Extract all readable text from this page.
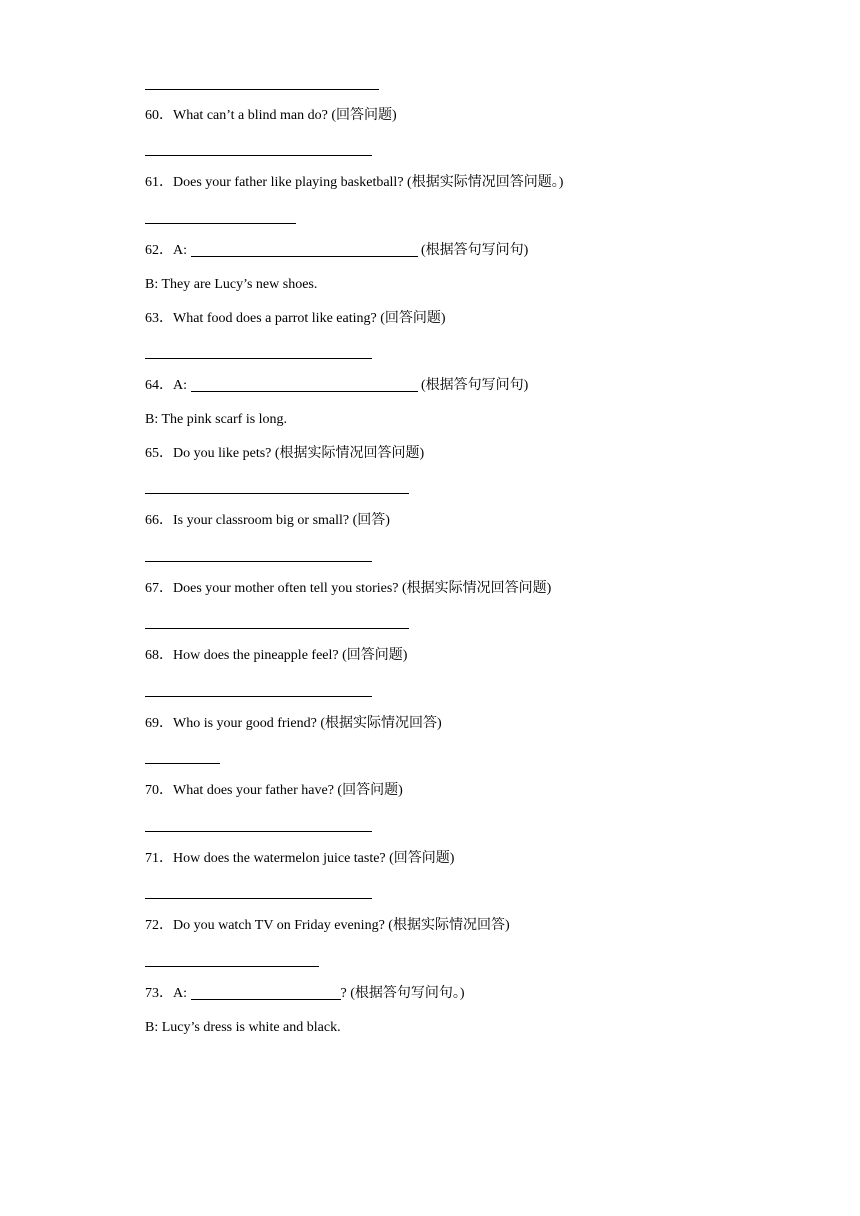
60．What can’t a blind man do? (回答问题)
61．Does your father like playing basketball? (根据实际情况回答问题。)
62．A:	(根据答句写问句)
B: They are Lucy’s new shoes.
63．What food does a parrot like eating? (回答问题)
64．A:	(根据答句写问句)
B: The pink scarf is long.
65．Do you like pets? (根据实际情况回答问题)
66．Is your classroom big or small? (回答)
67．Does your mother often tell you stories? (根据实际情况回答问题)
68．How does the pineapple feel? (回答问题)
69．Who is your good friend? (根据实际情况回答)
70．What does your father have? (回答问题)
71．How does the watermelon juice taste? (回答问题)
72．Do you watch TV on Friday evening? (根据实际情况回答)
73．A:	? (根据答句写问句。)
B: Lucy’s dress is white and black.
